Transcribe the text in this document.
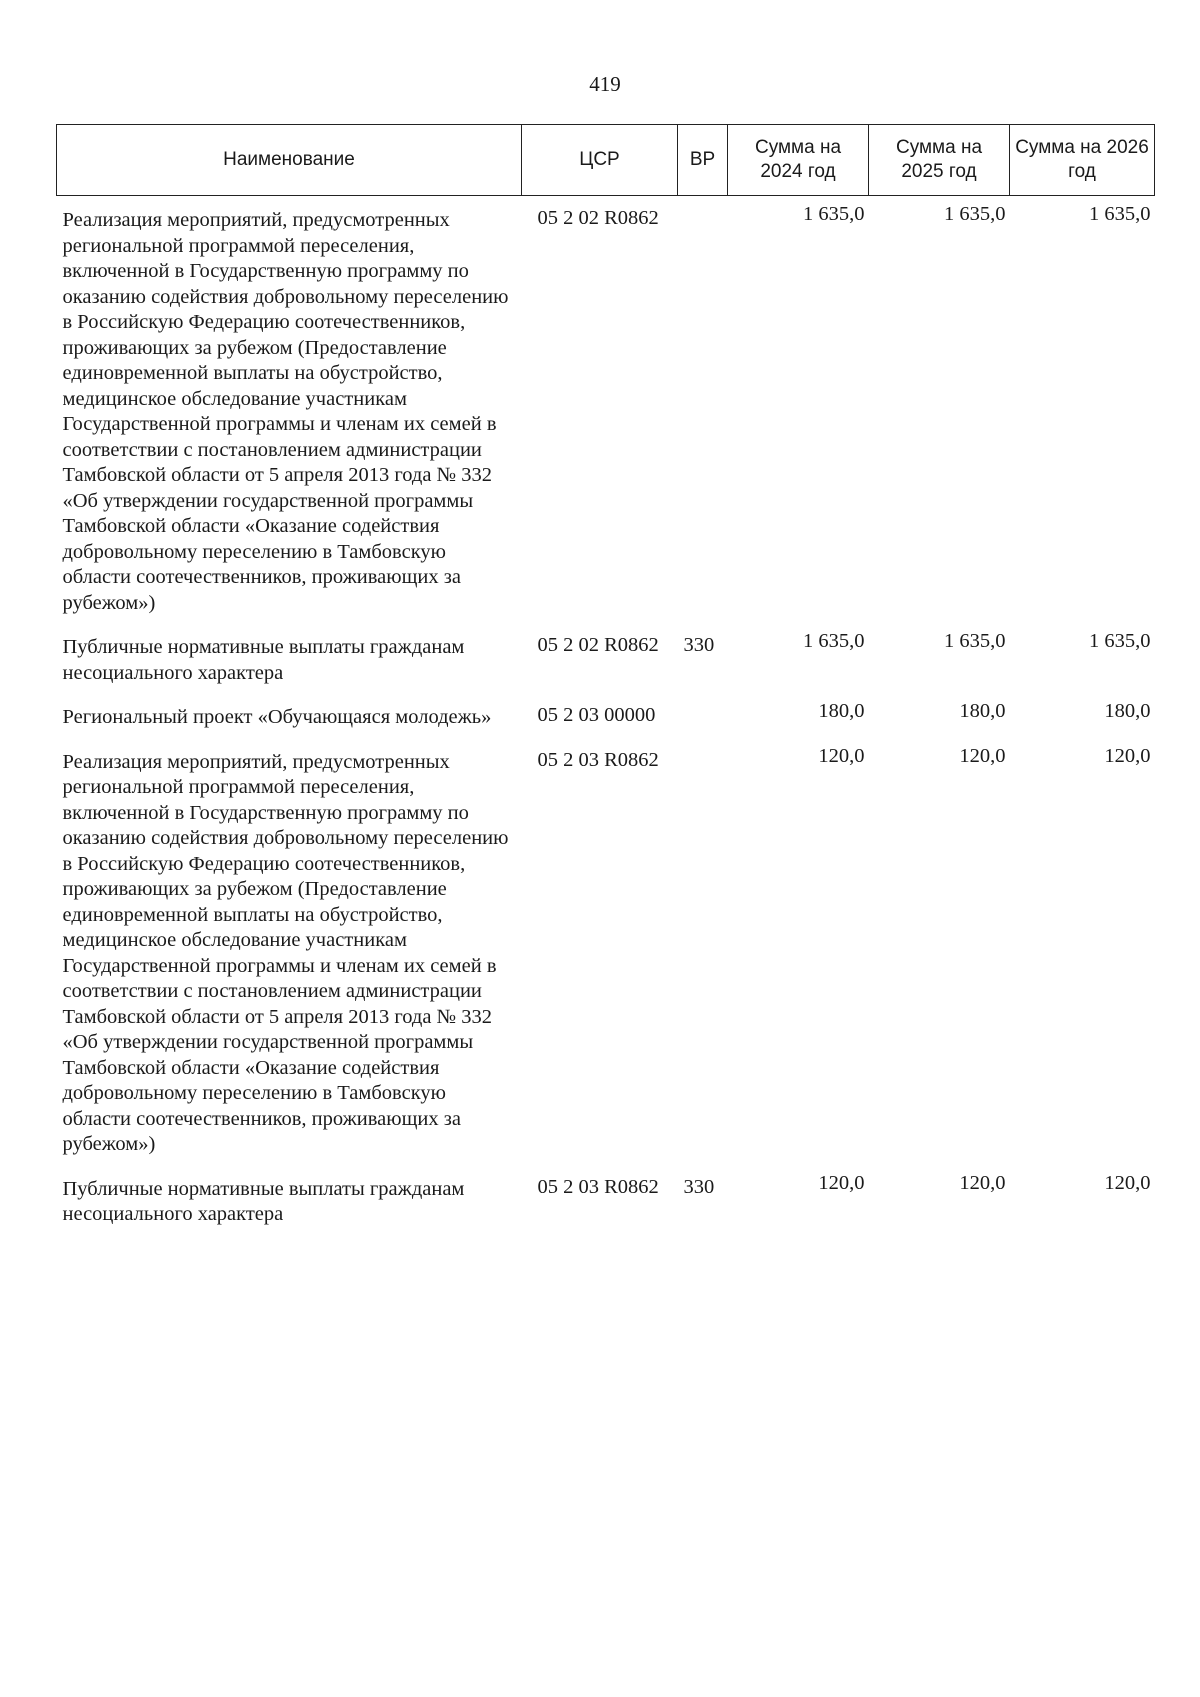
419
Наименование	ЦСР	ВР	Сумма на 2024 год	Сумма на 2025 год	Сумма на 2026 год
Реализация мероприятий, предусмотренных региональной программой переселения, включенной в Государственную программу по оказанию содействия добровольному переселению в Российскую Федерацию соотечественников, проживающих за рубежом (Предоставление единовременной выплаты на обустройство, медицинское обследование участникам Государственной программы и членам их семей в соответствии с постановлением администрации Тамбовской области от 5 апреля 2013 года № 332 «Об утверждении государственной программы Тамбовской области «Оказание содействия добровольному переселению в Тамбовскую области соотечественников, проживающих за рубежом»)	05 2 02 R0862		1 635,0	1 635,0	1 635,0
Публичные нормативные выплаты гражданам несоциального характера	05 2 02 R0862	330	1 635,0	1 635,0	1 635,0
Региональный проект «Обучающаяся молодежь»	05 2 03 00000		180,0	180,0	180,0
Реализация мероприятий, предусмотренных региональной программой переселения, включенной в Государственную программу по оказанию содействия добровольному переселению в Российскую Федерацию соотечественников, проживающих за рубежом (Предоставление единовременной выплаты на обустройство, медицинское обследование участникам Государственной программы и членам их семей в соответствии с постановлением администрации Тамбовской области от 5 апреля 2013 года № 332 «Об утверждении государственной программы Тамбовской области «Оказание содействия добровольному переселению в Тамбовскую области соотечественников, проживающих за рубежом»)	05 2 03 R0862		120,0	120,0	120,0
Публичные нормативные выплаты гражданам несоциального характера	05 2 03 R0862	330	120,0	120,0	120,0
